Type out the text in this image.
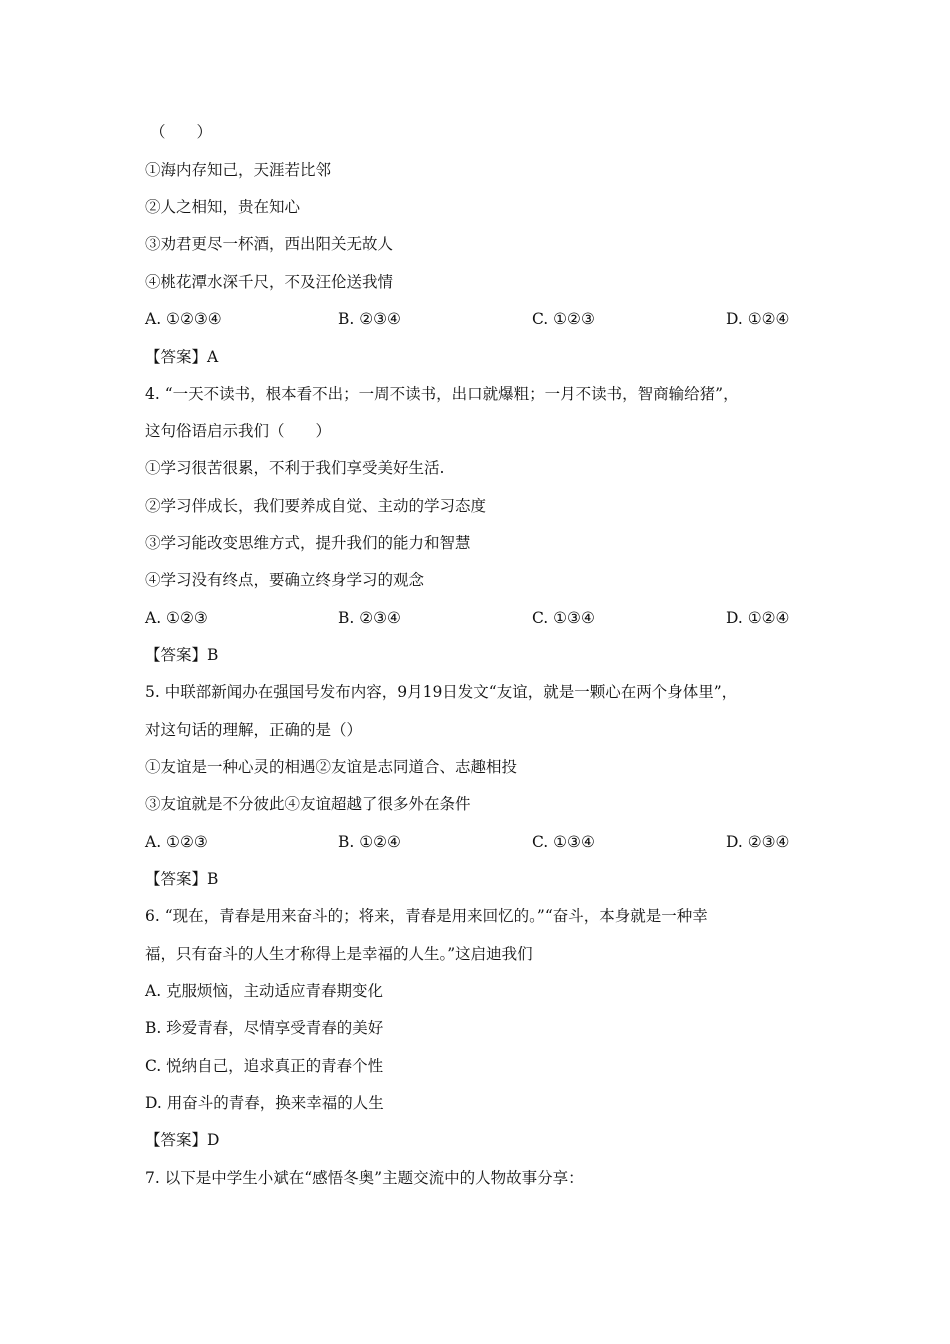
（　　）
①海内存知己，天涯若比邻
②人之相知，贵在知心
③劝君更尽一杯酒，西出阳关无故人
④桃花潭水深千尺，不及汪伦送我情
A. ①②③④	B. ②③④	C. ①②③	D. ①②④
【答案】A
4. “一天不读书，根本看不出；一周不读书，出口就爆粗；一月不读书，智商输给猪”，
这句俗语启示我们（　　）
①学习很苦很累，不利于我们享受美好生活.
②学习伴成长，我们要养成自觉、主动的学习态度
③学习能改变思维方式，提升我们的能力和智慧
④学习没有终点，要确立终身学习的观念
A. ①②③	B. ②③④	C. ①③④	D. ①②④
【答案】B
5. 中联部新闻办在强国号发布内容，9月19日发文“友谊，就是一颗心在两个身体里”，
对这句话的理解，正确的是（）
①友谊是一种心灵的相遇②友谊是志同道合、志趣相投
③友谊就是不分彼此④友谊超越了很多外在条件
A. ①②③	B. ①②④	C. ①③④	D. ②③④
【答案】B
6. “现在，青春是用来奋斗的；将来，青春是用来回忆的。”“奋斗，本身就是一种幸
福，只有奋斗的人生才称得上是幸福的人生。”这启迪我们
A. 克服烦恼，主动适应青春期变化
B. 珍爱青春，尽情享受青春的美好
C. 悦纳自己，追求真正的青春个性
D. 用奋斗的青春，换来幸福的人生
【答案】D
7. 以下是中学生小斌在“感悟冬奥”主题交流中的人物故事分享：
